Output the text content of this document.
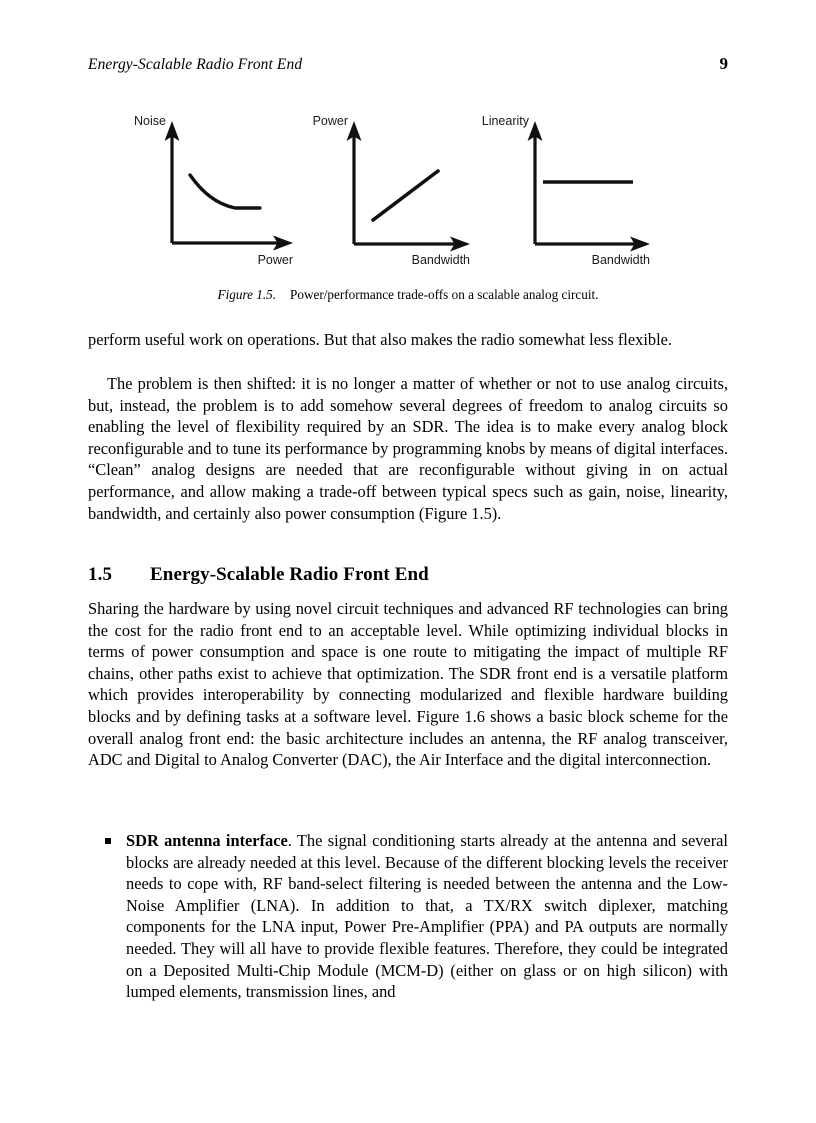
Energy-Scalable Radio Front End	9
Noise
Power
Power
Bandwidth
Linearity
Bandwidth
Figure 1.5. Power/performance trade-offs on a scalable analog circuit.

perform useful work on operations. But that also makes the radio somewhat less flexible.

The problem is then shifted: it is no longer a matter of whether or not to use analog circuits, but, instead, the problem is to add somehow several degrees of freedom to analog circuits so enabling the level of flexibility required by an SDR. The idea is to make every analog block reconfigurable and to tune its performance by programming knobs by means of digital interfaces. “Clean” analog designs are needed that are reconfigurable without giving in on actual performance, and allow making a trade-off between typical specs such as gain, noise, linearity, bandwidth, and certainly also power consumption (Figure 1.5).

1.5 Energy-Scalable Radio Front End

Sharing the hardware by using novel circuit techniques and advanced RF technologies can bring the cost for the radio front end to an acceptable level. While optimizing individual blocks in terms of power consumption and space is one route to mitigating the impact of multiple RF chains, other paths exist to achieve that optimization. The SDR front end is a versatile platform which provides interoperability by connecting modularized and flexible hardware building blocks and by defining tasks at a software level. Figure 1.6 shows a basic block scheme for the overall analog front end: the basic architecture includes an antenna, the RF analog transceiver, ADC and Digital to Analog Converter (DAC), the Air Interface and the digital interconnection.

SDR antenna interface. The signal conditioning starts already at the antenna and several blocks are already needed at this level. Because of the different blocking levels the receiver needs to cope with, RF band-select filtering is needed between the antenna and the Low-Noise Amplifier (LNA). In addition to that, a TX/RX switch diplexer, matching components for the LNA input, Power Pre-Amplifier (PPA) and PA outputs are normally needed. They will all have to provide flexible features. Therefore, they could be integrated on a Deposited Multi-Chip Module (MCM-D) (either on glass or on high silicon) with lumped elements, transmission lines, and
